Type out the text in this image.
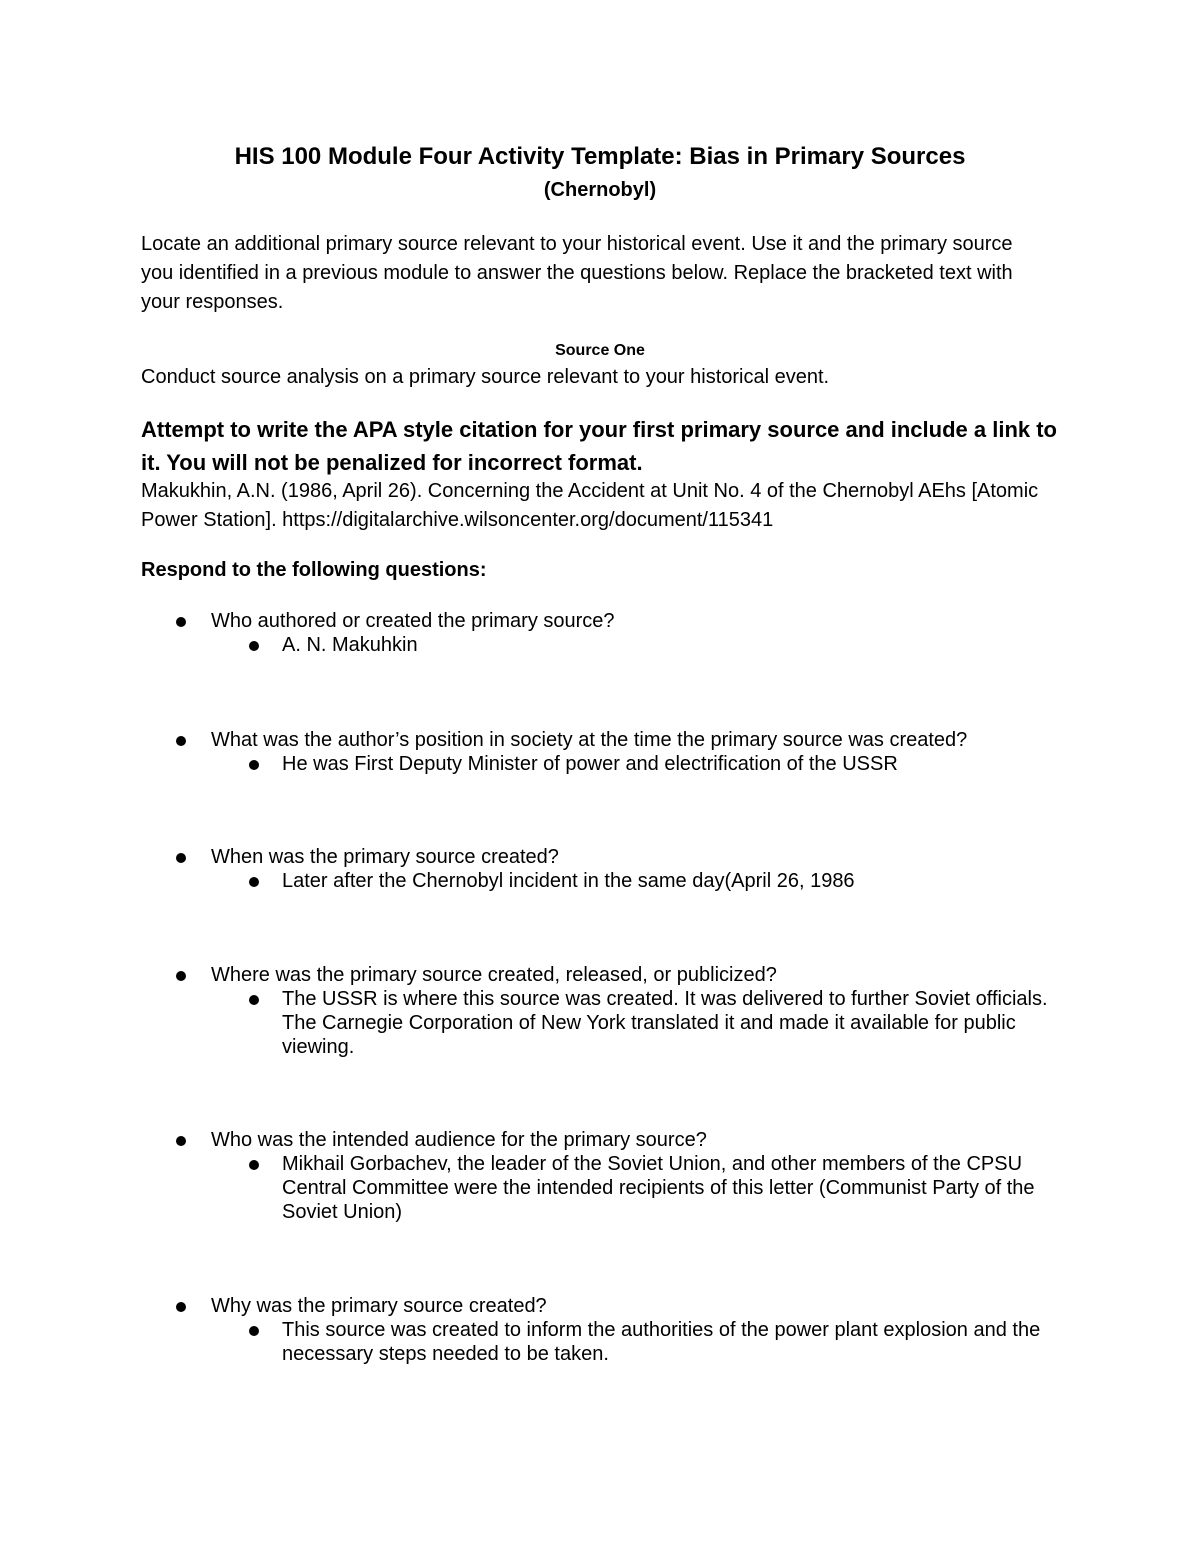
HIS 100 Module Four Activity Template: Bias in Primary Sources
(Chernobyl)

Locate an additional primary source relevant to your historical event. Use it and the primary source you identified in a previous module to answer the questions below. Replace the bracketed text with your responses.

Source One
Conduct source analysis on a primary source relevant to your historical event.

Attempt to write the APA style citation for your first primary source and include a link to it. You will not be penalized for incorrect format.

Makukhin, A.N. (1986, April 26). Concerning the Accident at Unit No. 4 of the Chernobyl AEhs [Atomic Power Station]. https://digitalarchive.wilsoncenter.org/document/115341

Respond to the following questions:
Who authored or created the primary source?
A. N. Makuhkin
What was the author’s position in society at the time the primary source was created?
He was First Deputy Minister of power and electrification of the USSR
When was the primary source created?
Later after the Chernobyl incident in the same day(April 26, 1986
Where was the primary source created, released, or publicized?
The USSR is where this source was created. It was delivered to further Soviet officials. The Carnegie Corporation of New York translated it and made it available for public viewing.
Who was the intended audience for the primary source?
Mikhail Gorbachev, the leader of the Soviet Union, and other members of the CPSU Central Committee were the intended recipients of this letter (Communist Party of the Soviet Union)
Why was the primary source created?
This source was created to inform the authorities of the power plant explosion and the necessary steps needed to be taken.
